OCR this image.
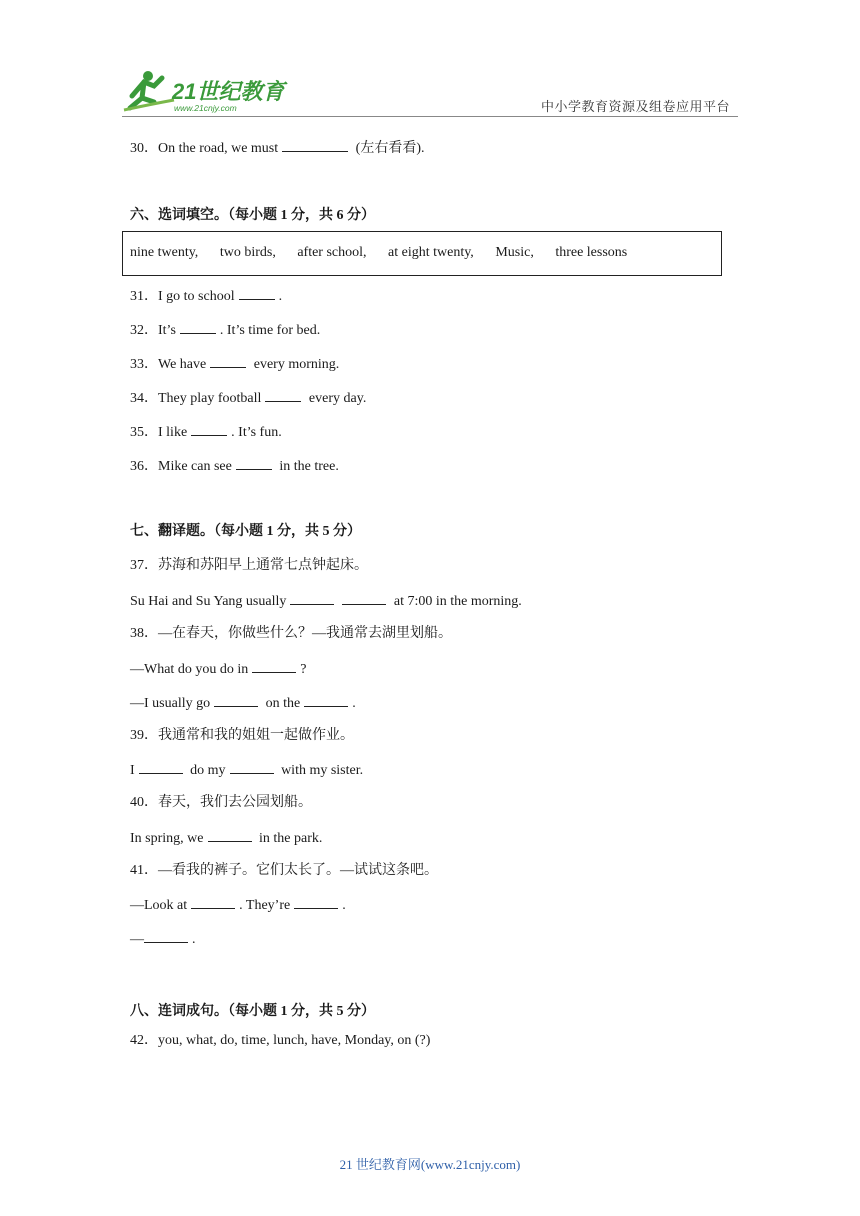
21世纪教育
www.21cnjy.com	中小学教育资源及组卷应用平台
30．On the road, we must	(左右看看).
六、选词填空。（每小题 1 分，共 6 分）
nine twenty, two birds, after school, at eight twenty, Music, three lessons
31．I go to school	.
32．It’s	. It’s time for bed.
33．We have	every morning.
34．They play football	every day.
35．I like	. It’s fun.
36．Mike can see	in the tree.
七、翻译题。（每小题 1 分，共 5 分）
37．苏海和苏阳早上通常七点钟起床。
Su Hai and Su Yang usually	at 7:00 in the morning.
38．—在春天，你做些什么？—我通常去湖里划船。
—What do you do in	?
—I usually go	on the	.
39．我通常和我的姐姐一起做作业。
I	do my	with my sister.
40．春天，我们去公园划船。
In spring, we	in the park.
41．—看我的裤子。它们太长了。—试试这条吧。
—Look at	. They’re	.
—	.
八、连词成句。（每小题 1 分，共 5 分）
42．you, what, do, time, lunch, have, Monday, on (?)
21 世纪教育网(www.21cnjy.com)
